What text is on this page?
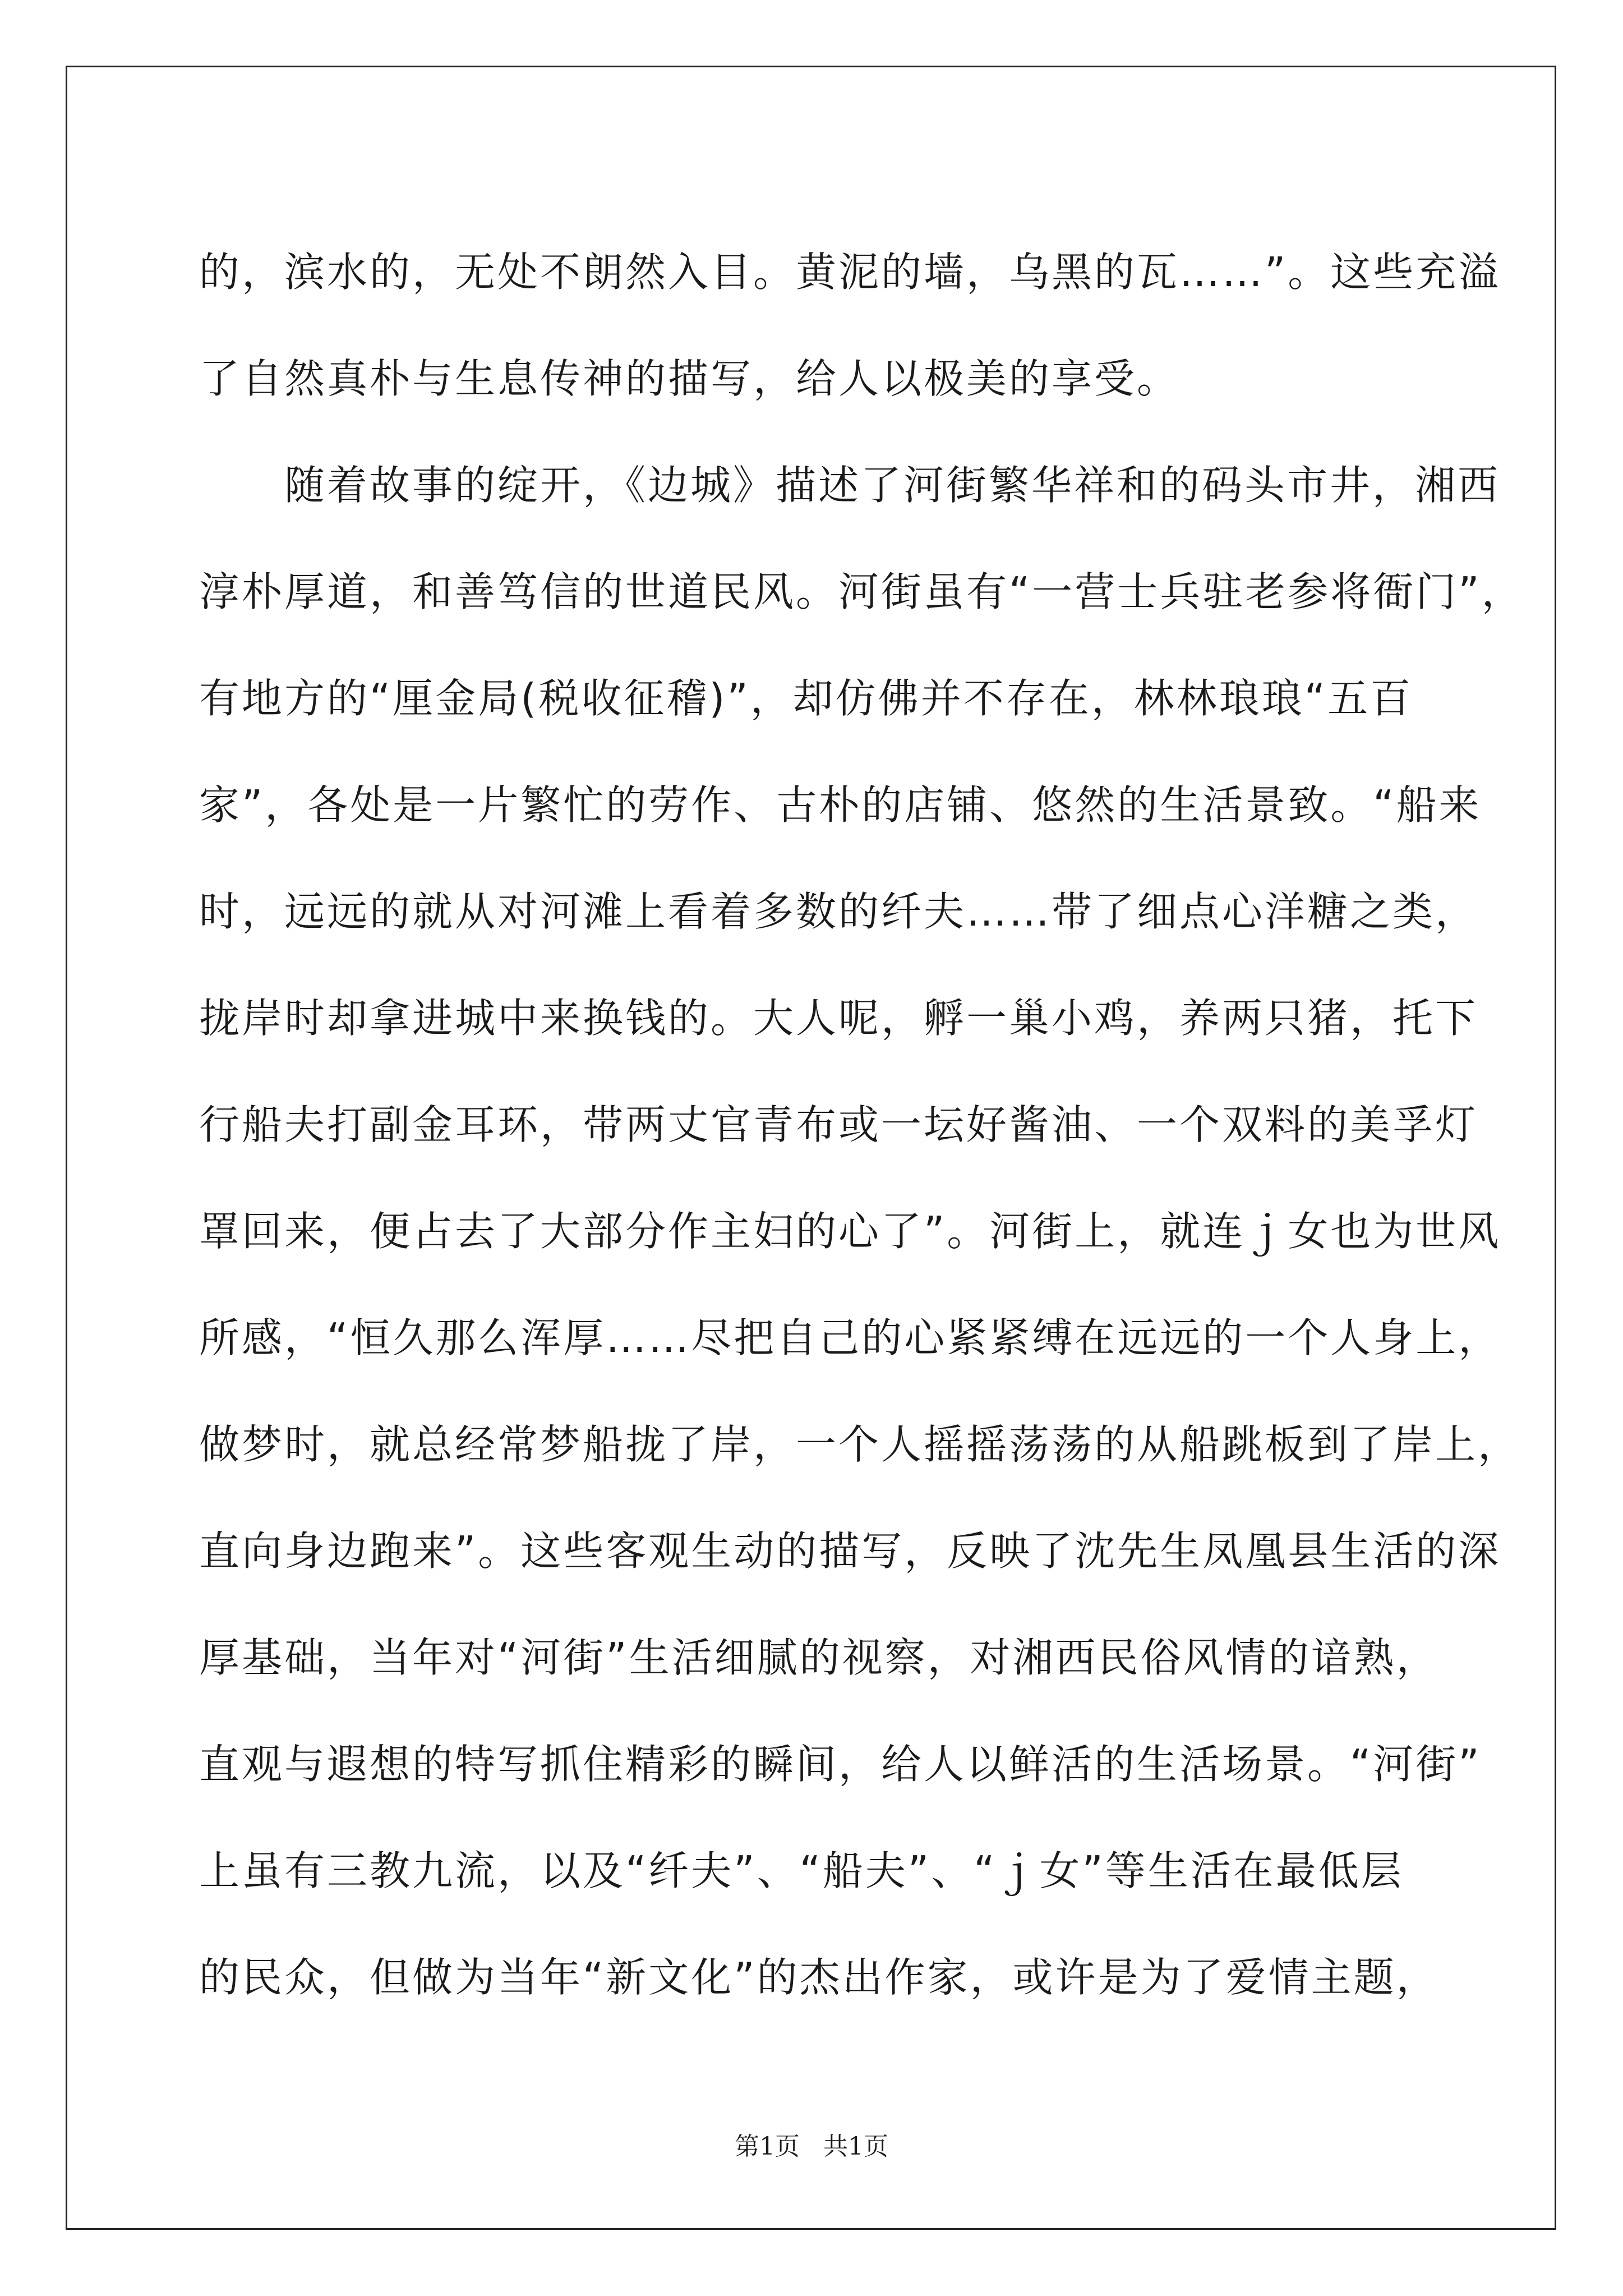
的，滨水的，无处不朗然入目。黄泥的墙，乌黑的瓦……”。这些充溢
了自然真朴与生息传神的描写，给人以极美的享受。
　　随着故事的绽开，《边城》描述了河街繁华祥和的码头市井，湘西
淳朴厚道，和善笃信的世道民风。河街虽有“一营士兵驻老参将衙门”，
有地方的“厘金局(税收征稽)”，却仿佛并不存在，林林琅琅“五百
家”，各处是一片繁忙的劳作、古朴的店铺、悠然的生活景致。“船来
时，远远的就从对河滩上看着多数的纤夫……带了细点心洋糖之类，
拢岸时却拿进城中来换钱的。大人呢，孵一巢小鸡，养两只猪，托下
行船夫打副金耳环，带两丈官青布或一坛好酱油、一个双料的美孚灯
罩回来，便占去了大部分作主妇的心了”。河街上，就连ｊ女也为世风
所感，“恒久那么浑厚……尽把自己的心紧紧缚在远远的一个人身上，
做梦时，就总经常梦船拢了岸，一个人摇摇荡荡的从船跳板到了岸上，
直向身边跑来”。这些客观生动的描写，反映了沈先生凤凰县生活的深
厚基础，当年对“河街”生活细腻的视察，对湘西民俗风情的谙熟，
直观与遐想的特写抓住精彩的瞬间，给人以鲜活的生活场景。“河街”
上虽有三教九流，以及“纤夫”、“船夫”、“ｊ女”等生活在最低层
的民众，但做为当年“新文化”的杰出作家，或许是为了爱情主题，
第1页 共1页
